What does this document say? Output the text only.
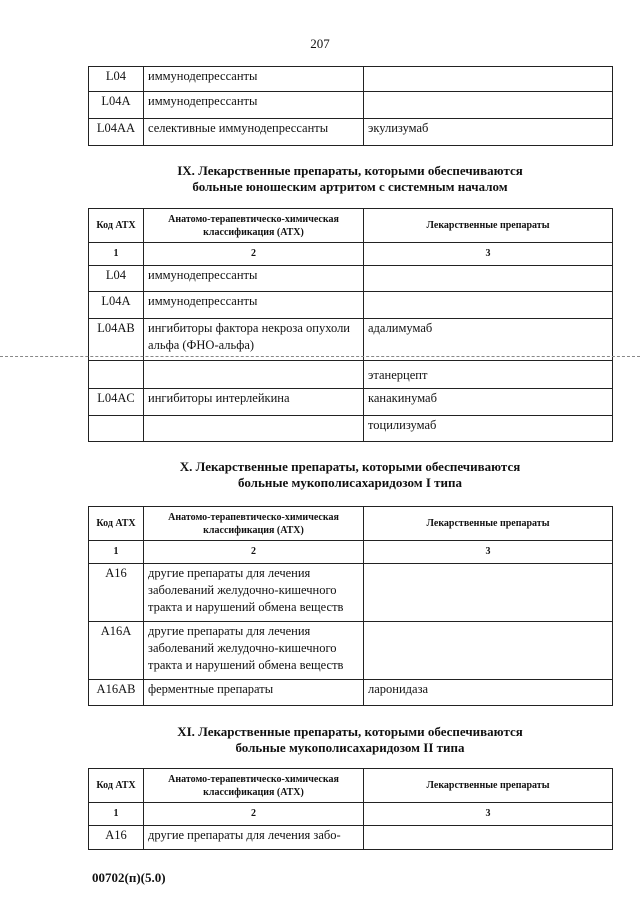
207
L04	иммунодепрессанты	
L04A	иммунодепрессанты	
L04AA	селективные иммунодепрессанты	экулизумаб
IX. Лекарственные препараты, которыми обеспечиваются
больные юношеским артритом с системным началом
Код АТХ	Анатомо-терапевтическо-химическая классификация (АТХ)	Лекарственные препараты
1	2	3
L04	иммунодепрессанты	
L04A	иммунодепрессанты	
L04AB	ингибиторы фактора некроза опухоли альфа (ФНО-альфа)	адалимумаб
		этанерцепт
L04AC	ингибиторы интерлейкина	канакинумаб
		тоцилизумаб
X. Лекарственные препараты, которыми обеспечиваются
больные мукополисахаридозом I типа
Код АТХ	Анатомо-терапевтическо-химическая классификация (АТХ)	Лекарственные препараты
1	2	3
A16	другие препараты для лечения заболеваний желудочно-кишечного тракта и нарушений обмена веществ	
A16A	другие препараты для лечения заболеваний желудочно-кишечного тракта и нарушений обмена веществ	
A16AB	ферментные препараты	ларонидаза
XI. Лекарственные препараты, которыми обеспечиваются
больные мукополисахаридозом II типа
Код АТХ	Анатомо-терапевтическо-химическая классификация (АТХ)	Лекарственные препараты
1	2	3
A16	другие препараты для лечения забо-	
00702(п)(5.0)
